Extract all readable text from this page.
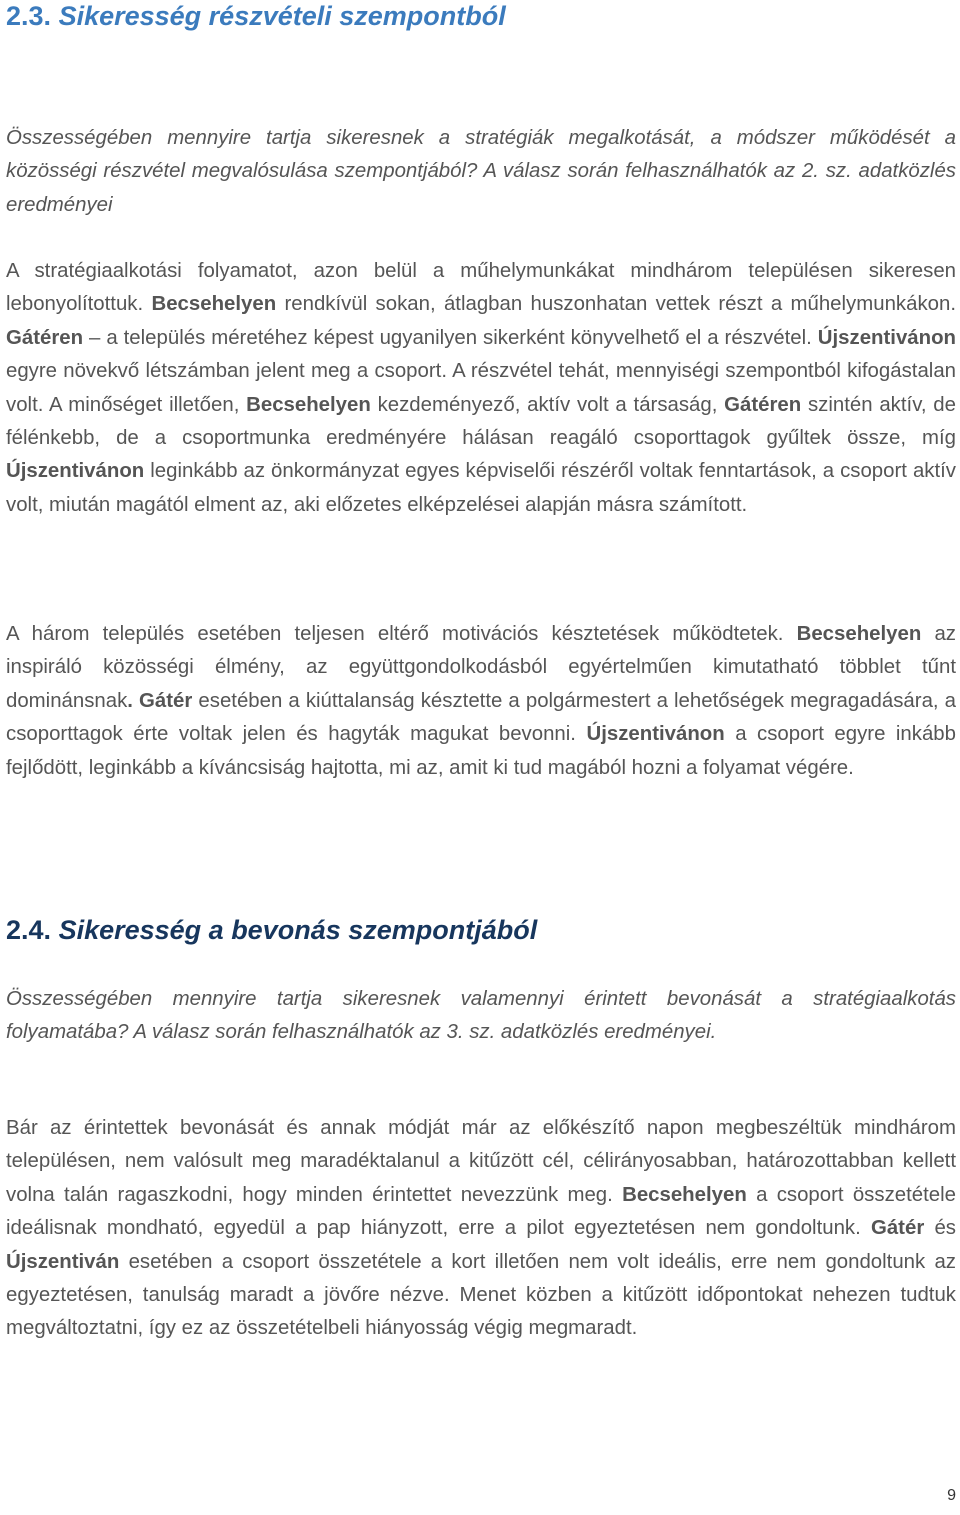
2.3. Sikeresség részvételi szempontból

Összességében mennyire tartja sikeresnek a stratégiák megalkotását, a módszer működését a közösségi részvétel megvalósulása szempontjából? A válasz során felhasználhatók az 2. sz. adatközlés eredményei

A stratégiaalkotási folyamatot, azon belül a műhelymunkákat mindhárom településen sikeresen lebonyolítottuk. Becsehelyen rendkívül sokan, átlagban huszonhatan vettek részt a műhelymunkákon. Gátéren – a település méretéhez képest ugyanilyen sikerként könyvelhető el a részvétel. Újszentivánon egyre növekvő létszámban jelent meg a csoport. A részvétel tehát, mennyiségi szempontból kifogástalan volt. A minőséget illetően, Becsehelyen kezdeményező, aktív volt a társaság, Gátéren szintén aktív, de félénkebb, de a csoportmunka eredményére hálásan reagáló csoporttagok gyűltek össze, míg Újszentivánon leginkább az önkormányzat egyes képviselői részéről voltak fenntartások, a csoport aktív volt, miután magától elment az, aki előzetes elképzelései alapján másra számított.

A három település esetében teljesen eltérő motivációs késztetések működtetek. Becsehelyen az inspiráló közösségi élmény, az együttgondolkodásból egyértelműen kimutatható többlet tűnt dominánsnak. Gátér esetében a kiúttalanság késztette a polgármestert a lehetőségek megragadására, a csoporttagok érte voltak jelen és hagyták magukat bevonni. Újszentivánon a csoport egyre inkább fejlődött, leginkább a kíváncsiság hajtotta, mi az, amit ki tud magából hozni a folyamat végére.

2.4. Sikeresség a bevonás szempontjából

Összességében mennyire tartja sikeresnek valamennyi érintett bevonását a stratégiaalkotás folyamatába? A válasz során felhasználhatók az 3. sz. adatközlés eredményei.

Bár az érintettek bevonását és annak módját már az előkészítő napon megbeszéltük mindhárom településen, nem valósult meg maradéktalanul a kitűzött cél, célirányosabban, határozottabban kellett volna talán ragaszkodni, hogy minden érintettet nevezzünk meg. Becsehelyen a csoport összetétele ideálisnak mondható, egyedül a pap hiányzott, erre a pilot egyeztetésen nem gondoltunk. Gátér és Újszentiván esetében a csoport összetétele a kort illetően nem volt ideális, erre nem gondoltunk az egyeztetésen, tanulság maradt a jövőre nézve. Menet közben a kitűzött időpontokat nehezen tudtuk megváltoztatni, így ez az összetételbeli hiányosság végig megmaradt.

9
